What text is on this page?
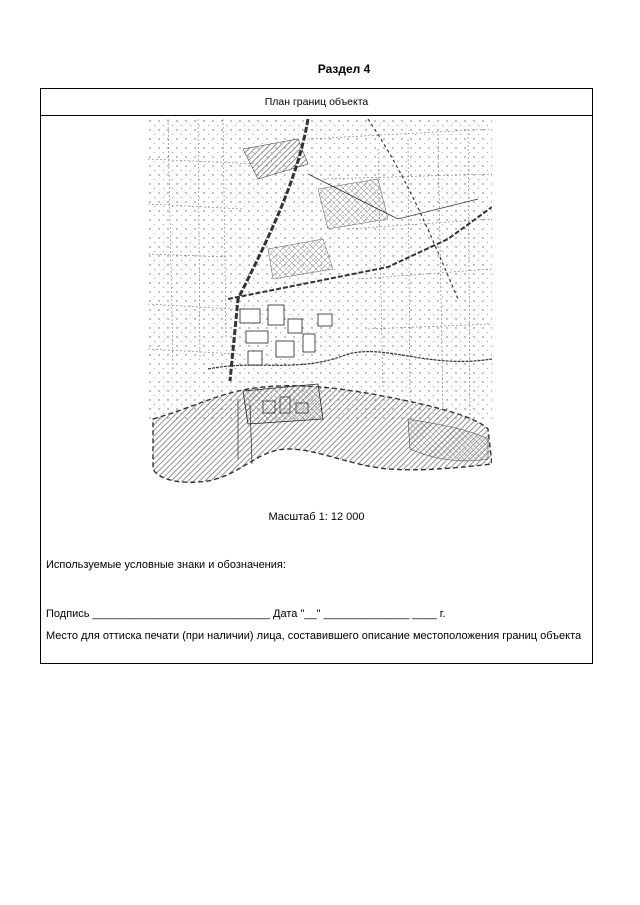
Раздел 4
План границ объекта
Масштаб 1: 12 000
Используемые условные знаки и обозначения:
Подпись _____________________________ Дата "__" ______________ ____ г.
Место для оттиска печати (при наличии) лица, составившего описание местоположения границ объекта
